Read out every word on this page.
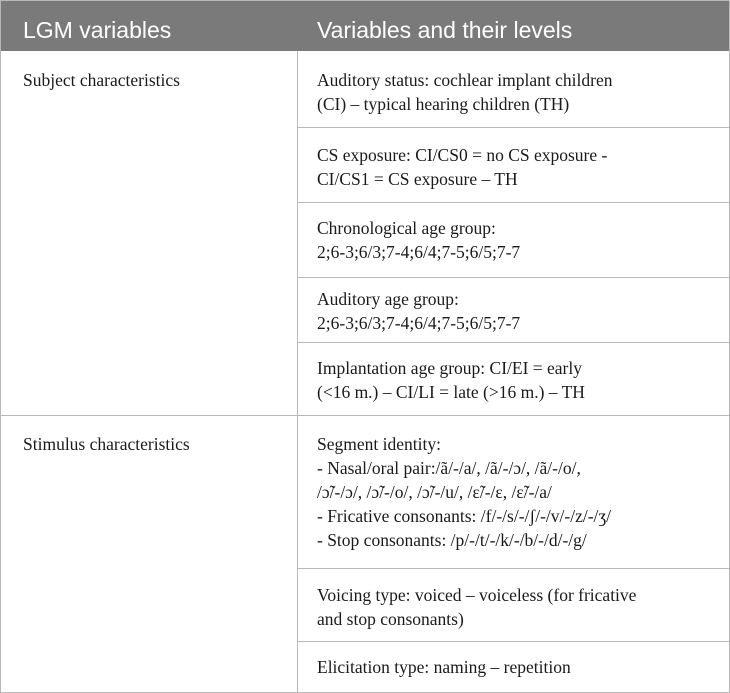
LGM variables	Variables and their levels
Subject characteristics
Stimulus characteristics
Auditory status: cochlear implant children
(CI) – typical hearing children (TH)
CS exposure: CI/CS0 = no CS exposure -
CI/CS1 = CS exposure – TH
Chronological age group:
2;6-3;6/3;7-4;6/4;7-5;6/5;7-7
Auditory age group:
2;6-3;6/3;7-4;6/4;7-5;6/5;7-7
Implantation age group: CI/EI = early
(<16 m.) – CI/LI = late (>16 m.) – TH
Segment identity:
- Nasal/oral pair:/ã/-/a/, /ã/-/ɔ/, /ã/-/o/,
/ɔ̃/-/ɔ/, /ɔ̃/-/o/, /ɔ̃/-/u/, /ɛ̃/-/ɛ, /ɛ̃/-/a/
- Fricative consonants: /f/-/s/-/ʃ/-/v/-/z/-/ʒ/
- Stop consonants: /p/-/t/-/k/-/b/-/d/-/g/
Voicing type: voiced – voiceless (for fricative
and stop consonants)
Elicitation type: naming – repetition
